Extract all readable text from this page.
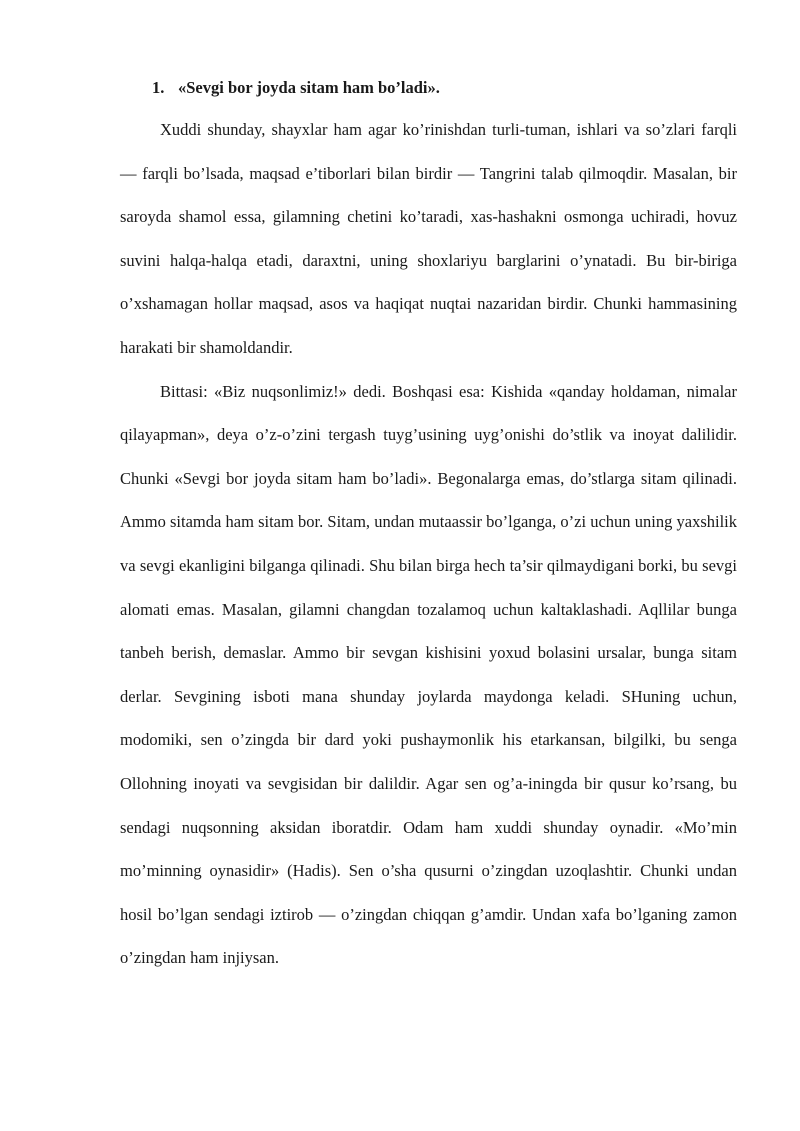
1. «Sevgi bor joyda sitam ham bo’ladi».

Xuddi shunday, shayxlar ham agar ko’rinishdan turli-tuman, ishlari va so’zlari farqli — farqli bo’lsada, maqsad e’tiborlari bilan birdir — Tangrini talab qilmoqdir. Masalan, bir saroyda shamol essa, gilamning chetini ko’taradi, xas-hashakni osmonga uchiradi, hovuz suvini halqa-halqa etadi, daraxtni, uning shoxlariyu barglarini o’ynatadi. Bu bir-biriga o’xshamagan hollar maqsad, asos va haqiqat nuqtai nazaridan birdir. Chunki hammasining harakati bir shamoldandir.

Bittasi: «Biz nuqsonlimiz!» dedi. Boshqasi esa: Kishida «qanday holdaman, nimalar qilayapman», deya o’z-o’zini tergash tuyg’usining uyg’onishi do’stlik va inoyat dalilidir. Chunki «Sevgi bor joyda sitam ham bo’ladi». Begonalarga emas, do’stlarga sitam qilinadi. Ammo sitamda ham sitam bor. Sitam, undan mutaassir bo’lganga, o’zi uchun uning yaxshilik va sevgi ekanligini bilganga qilinadi. Shu bilan birga hech ta’sir qilmaydigani borki, bu sevgi alomati emas. Masalan, gilamni changdan tozalamoq uchun kaltaklashadi. Aqllilar bunga tanbeh berish, demaslar. Ammo bir sevgan kishisini yoxud bolasini ursalar, bunga sitam derlar. Sevgining isboti mana shunday joylarda maydonga keladi. SHuning uchun, modomiki, sen o’zingda bir dard yoki pushaymonlik his etarkansan, bilgilki, bu senga Ollohning inoyati va sevgisidan bir dalildir. Agar sen og’a-iningda bir qusur ko’rsang, bu sendagi nuqsonning aksidan iboratdir. Odam ham xuddi shunday oynadir. «Mo’min mo’minning oynasidir» (Hadis). Sen o’sha qusurni o’zingdan uzoqlashtir. Chunki undan hosil bo’lgan sendagi iztirob — o’zingdan chiqqan g’amdir. Undan xafa bo’lganing zamon o’zingdan ham injiysan.
